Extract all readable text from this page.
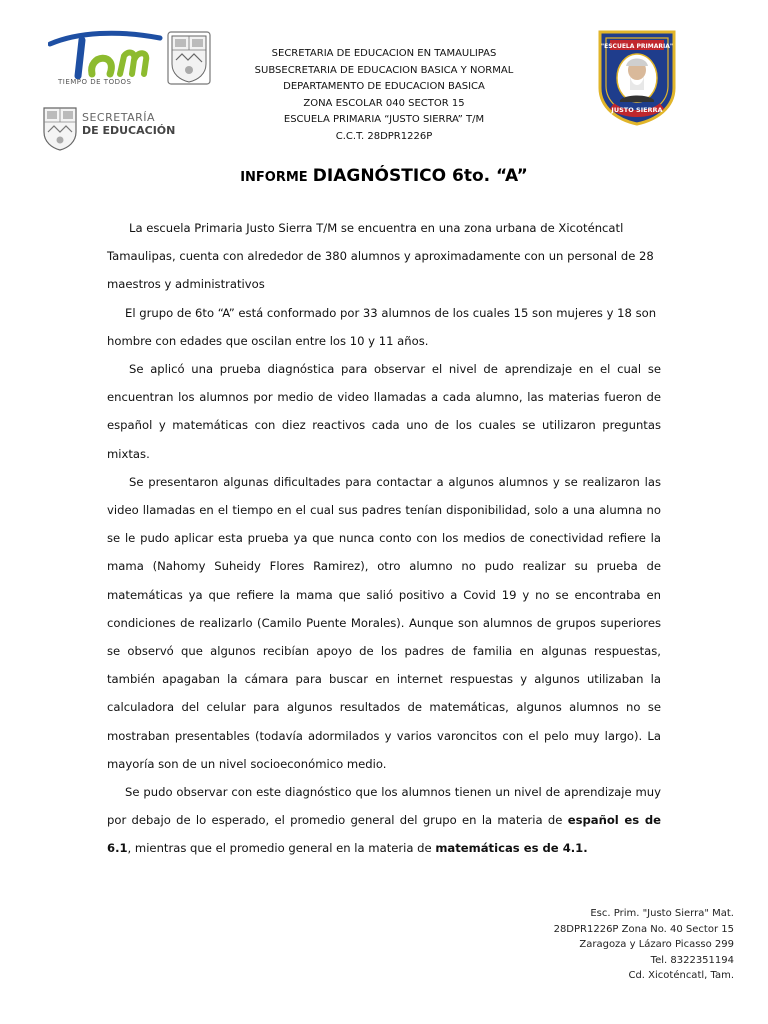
TIEMPO DE TODOS
SECRETARÍA
DE EDUCACIÓN
"ESCUELA PRIMARIA"
JUSTO SIERRA
SECRETARIA DE EDUCACION EN TAMAULIPAS
SUBSECRETARIA DE EDUCACION BASICA Y NORMAL
DEPARTAMENTO DE EDUCACION BASICA
ZONA ESCOLAR 040 SECTOR 15
ESCUELA PRIMARIA “JUSTO SIERRA” T/M
C.C.T. 28DPR1226P
INFORME DIAGNÓSTICO 6to. “A”

La escuela Primaria Justo Sierra T/M se encuentra en una zona urbana de Xicoténcatl Tamaulipas, cuenta con alrededor de 380 alumnos y aproximadamente con un personal de 28 maestros y administrativos

El grupo de 6to “A” está conformado por 33 alumnos de los cuales 15 son mujeres y 18 son hombre con edades que oscilan entre los 10 y 11 años.

Se aplicó una prueba diagnóstica para observar el nivel de aprendizaje en el cual se encuentran los alumnos por medio de video llamadas a cada alumno, las materias fueron de español y matemáticas con diez reactivos cada uno de los cuales se utilizaron preguntas mixtas.

Se presentaron algunas dificultades para contactar a algunos alumnos y se realizaron las video llamadas en el tiempo en el cual sus padres tenían disponibilidad, solo a una alumna no se le pudo aplicar esta prueba ya que nunca conto con los medios de conectividad refiere la mama (Nahomy Suheidy Flores Ramirez), otro alumno no pudo realizar su prueba de matemáticas ya que refiere la mama que salió positivo a Covid 19 y no se encontraba en condiciones de realizarlo (Camilo Puente Morales). Aunque son alumnos de grupos superiores se observó que algunos recibían apoyo de los padres de familia en algunas respuestas, también apagaban la cámara para buscar en internet respuestas y algunos utilizaban la calculadora del celular para algunos resultados de matemáticas, algunos alumnos no se mostraban presentables (todavía adormilados y varios varoncitos con el pelo muy largo). La mayoría son de un nivel socioeconómico medio.

Se pudo observar con este diagnóstico que los alumnos tienen un nivel de aprendizaje muy por debajo de lo esperado, el promedio general del grupo en la materia de español es de 6.1, mientras que el promedio general en la materia de matemáticas es de 4.1.

Esc. Prim. "Justo Sierra" Mat.
28DPR1226P Zona No. 40 Sector 15
Zaragoza y Lázaro Picasso 299
Tel. 8322351194
Cd. Xicoténcatl, Tam.
